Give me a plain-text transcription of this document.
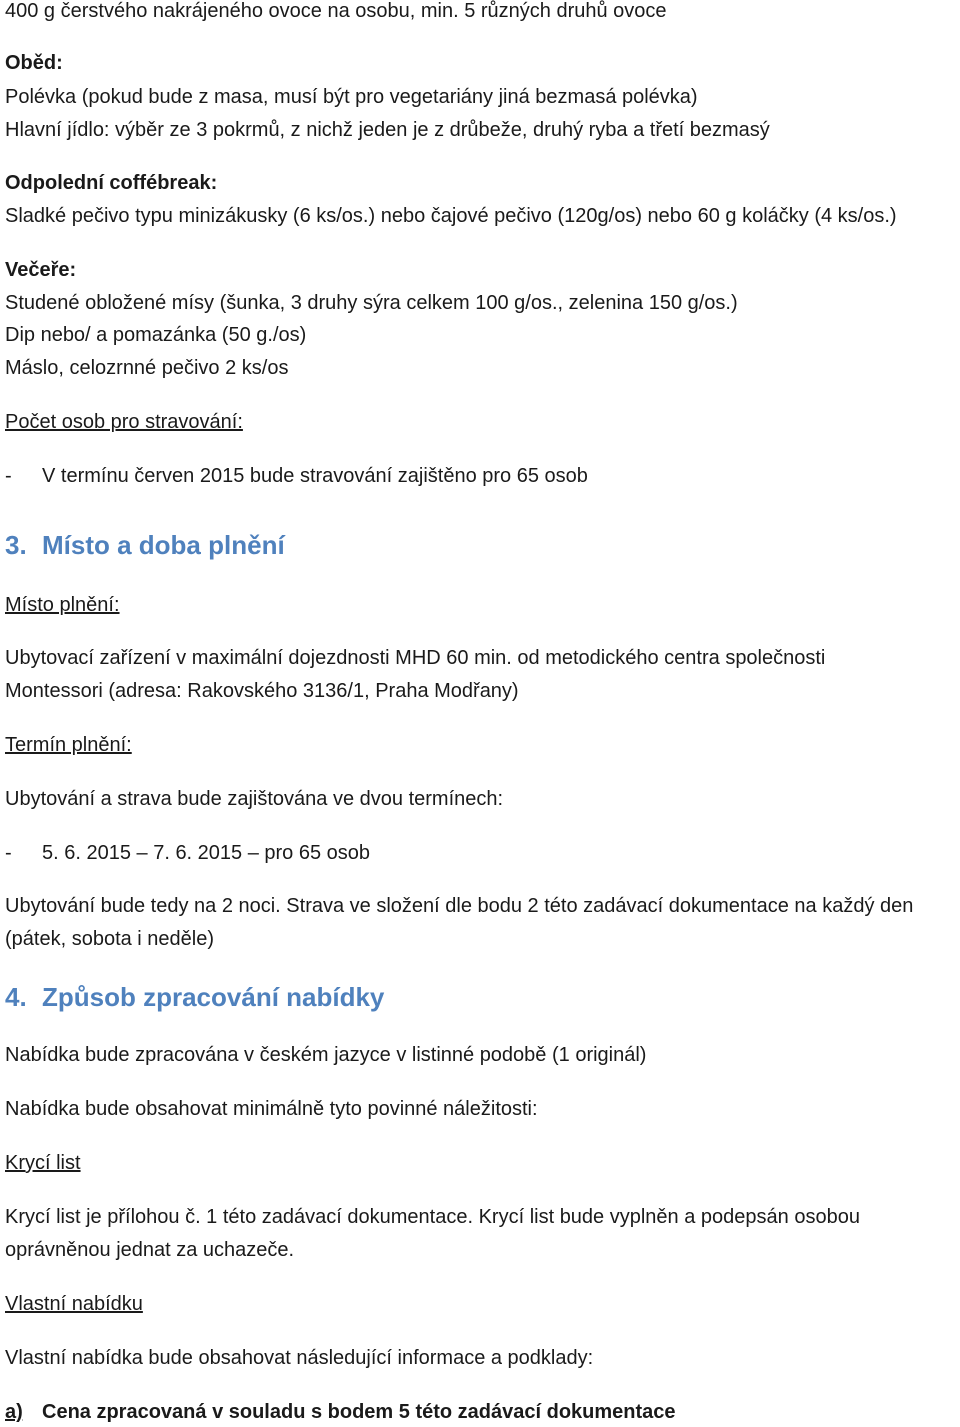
400 g čerstvého nakrájeného ovoce na osobu, min. 5 různých druhů ovoce
Oběd:
Polévka (pokud bude z masa, musí být pro vegetariány jiná bezmasá polévka)
Hlavní jídlo: výběr ze 3 pokrmů, z nichž jeden je z drůbeže, druhý ryba a třetí bezmasý
Odpolední coffébreak:
Sladké pečivo typu minizákusky (6 ks/os.) nebo čajové pečivo (120g/os) nebo 60 g koláčky (4 ks/os.)
Večeře:
Studené obložené mísy (šunka, 3 druhy sýra celkem 100 g/os., zelenina 150 g/os.)
Dip nebo/ a pomazánka (50 g./os)
Máslo, celozrnné pečivo 2 ks/os
Počet osob pro stravování:
- V termínu červen 2015 bude stravování zajištěno pro 65 osob
3. Místo a doba plnění
Místo plnění:
Ubytovací zařízení v maximální dojezdnosti MHD 60 min. od metodického centra společnosti
Montessori (adresa: Rakovského 3136/1, Praha Modřany)
Termín plnění:
Ubytování a strava bude zajištována ve dvou termínech:
- 5. 6. 2015 – 7. 6. 2015 – pro 65 osob
Ubytování bude tedy na 2 noci. Strava ve složení dle bodu 2 této zadávací dokumentace na každý den
(pátek, sobota i neděle)
4. Způsob zpracování nabídky
Nabídka bude zpracována v českém jazyce v listinné podobě (1 originál)
Nabídka bude obsahovat minimálně tyto povinné náležitosti:
Krycí list
Krycí list je přílohou č. 1 této zadávací dokumentace. Krycí list bude vyplněn a podepsán osobou
oprávněnou jednat za uchazeče.
Vlastní nabídku
Vlastní nabídka bude obsahovat následující informace a podklady:
a) Cena zpracovaná v souladu s bodem 5 této zadávací dokumentace
